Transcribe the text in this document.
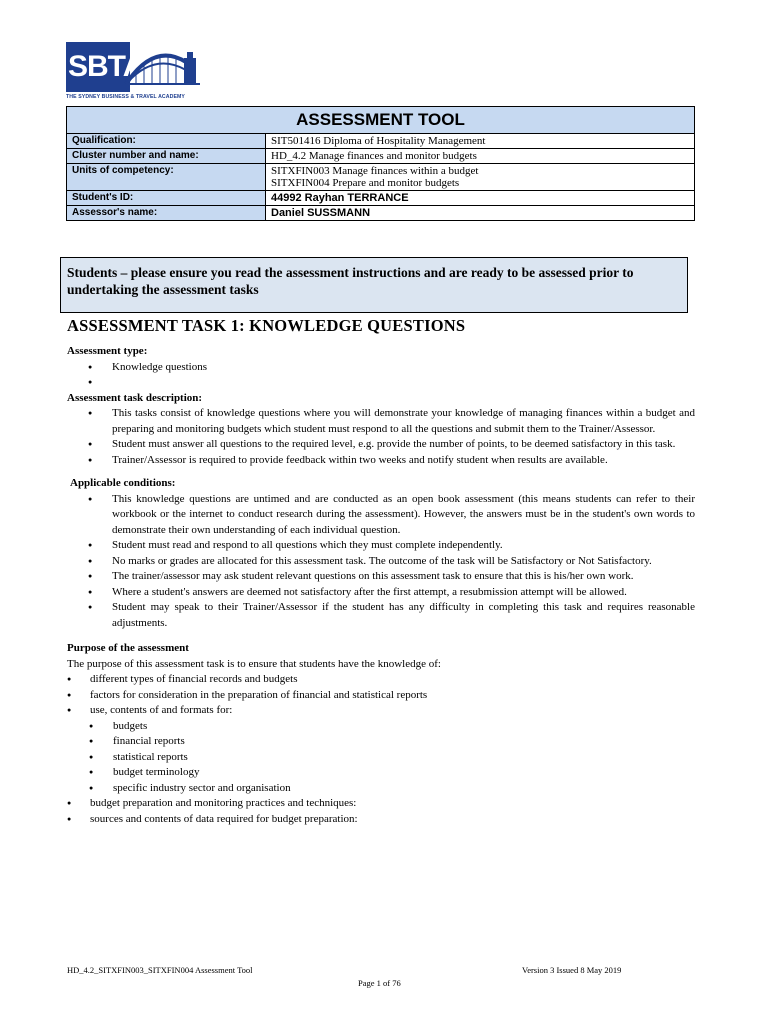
SBTA
THE SYDNEY BUSINESS & TRAVEL ACADEMY
ASSESSMENT TOOL	
Qualification:	SIT501416 Diploma of Hospitality Management
Cluster number and name:	HD_4.2 Manage finances and monitor budgets
Units of competency:	SITXFIN003 Manage finances within a budget
SITXFIN004 Prepare and monitor budgets

Student's ID:	44992 Rayhan TERRANCE
Assessor's name:	Daniel SUSSMANN
Students – please ensure you read the assessment instructions and are ready to be assessed prior to undertaking the assessment tasks
ASSESSMENT TASK 1: KNOWLEDGE QUESTIONS

Assessment type:

● Knowledge questions
●

Assessment task description:

● This tasks consist of knowledge questions where you will demonstrate your knowledge of managing finances within a budget and preparing and monitoring budgets which student must respond to all the questions and submit them to the Trainer/Assessor.
● Student must answer all questions to the required level, e.g. provide the number of points, to be deemed satisfactory in this task.
● Trainer/Assessor is required to provide feedback within two weeks and notify student when results are available.

Applicable conditions:

● This knowledge questions are untimed and are conducted as an open book assessment (this means students can refer to their workbook or the internet to conduct research during the assessment). However, the answers must be in the student's own words to demonstrate their own understanding of each individual question.
● Student must read and respond to all questions which they must complete independently.
● No marks or grades are allocated for this assessment task. The outcome of the task will be Satisfactory or Not Satisfactory.
● The trainer/assessor may ask student relevant questions on this assessment task to ensure that this is his/her own work.
● Where a student's answers are deemed not satisfactory after the first attempt, a resubmission attempt will be allowed.
● Student may speak to their Trainer/Assessor if the student has any difficulty in completing this task and requires reasonable adjustments.

Purpose of the assessment

The purpose of this assessment task is to ensure that students have the knowledge of:

● different types of financial records and budgets
● factors for consideration in the preparation of financial and statistical reports
● use, contents of and formats for:
● budgets
● financial reports
● statistical reports
● budget terminology
● specific industry sector and organisation
● budget preparation and monitoring practices and techniques:
● sources and contents of data required for budget preparation:
HD_4.2_SITXFIN003_SITXFIN004 Assessment Tool	Version 3 Issued 8 May 2019
Page 1 of 76
